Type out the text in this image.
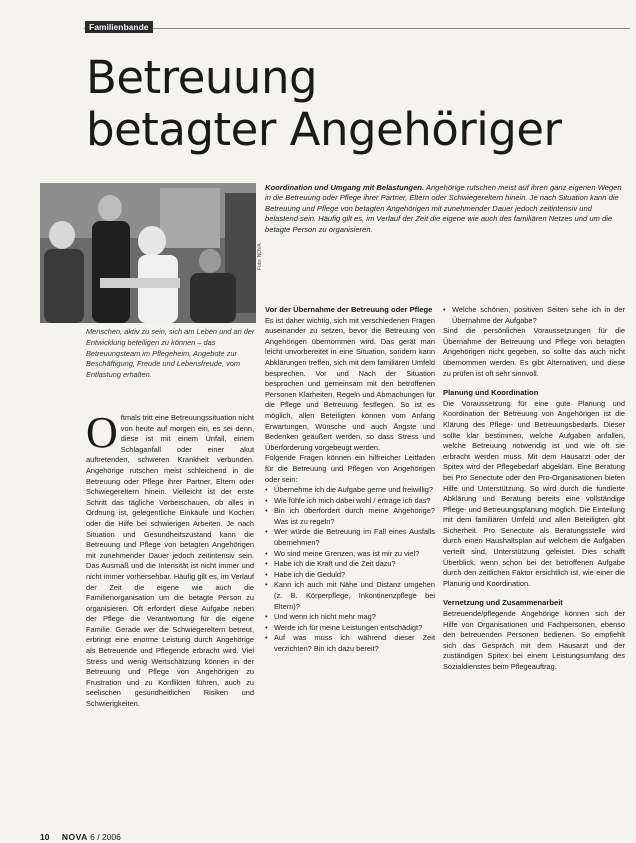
Familienbande
Betreuung
betagter Angehöriger
Foto: NOVA

Menschen, aktiv zu sein, sich am Leben und an der Entwicklung beteiligen zu können – das Betreuungsteam im Pflegeheim, Angebote zur Beschäftigung, Freude und Lebensfreude, vom Entlastung erhalten.

Koordination und Umgang mit Belastungen. Angehörige rutschen meist auf ihren ganz eigenen Wegen in die Betreuung oder Pflege ihrer Partner, Eltern oder Schwiegereltern hinein. Je nach Situation kann die Betreuung und Pflege von betagten Angehörigen mit zunehmender Dauer jedoch zeitintensiv und belastend sein. Häufig gilt es, im Verlauf der Zeit die eigene wie auch des familiären Netzes und um die betagte Person zu organisieren.

Oftmals tritt eine Betreuungssituation nicht von heute auf morgen ein, es sei denn, diese ist mit einem Unfall, einem Schlaganfall oder einer akut auftretenden, schweren Krankheit verbunden. Angehörige rutschen meist schleichend in die Betreuung oder Pflege ihrer Partner, Eltern oder Schwiegereltern hinein. Vielleicht ist der erste Schritt das tägliche Vorbeischauen, ob alles in Ordnung ist, gelegentliche Einkäufe und Kochen oder die Hilfe bei schwierigen Arbeiten. Je nach Situation und Gesundheitszustand kann die Betreuung und Pflege von betagten Angehörigen mit zunehmender Dauer jedoch zeitintensiv sein. Das Ausmaß und die Intensität ist nicht immer und nicht immer vorhersehbar. Häufig gilt es, im Verlauf der Zeit die eigene wie auch die Familienorganisation um die betagte Person zu organisieren. Oft erfordert diese Aufgabe neben der Pflege die Verantwortung für die eigene Familie. Gerade wer die Schwiegereltern betreut, erbringt eine enorme Leistung durch Angehörige als Betreuende und Pflegende erbracht wird. Viel Stress und wenig Wertschätzung können in der Betreuung und Pflege von Angehörigen zu Frustration und zu Konflikten führen, auch zu seelischen gesundheitlichen Risiken und Schwierigkeiten.

Vor der Übernahme der Betreuung oder Pflege

Es ist daher wichtig, sich mit verschiedenen Fragen auseinander zu setzen, bevor die Betreuung von Angehörigen übernommen wird. Das gerät man leicht unvorbereitet in eine Situation, sondern kann Abklärungen treffen, sich mit dem familiären Umfeld besprechen. Vor und Nach der Situation besprochen und gemeinsam mit den betroffenen Personen Klarheiten, Regeln und Abmachungen für die Pflege und Betreuung festlegen. So ist es möglich, allen Beteiligten können vom Anfang Erwartungen, Wünsche und auch Ängste und Bedenken geäußert werden, so dass Stress und Überforderung vorgebeugt werden.

Folgende Fragen können ein hilfreicher Leitfaden für die Betreuung und Pflegen von Angehörigen oder sein:

• Übernehme ich die Aufgabe gerne und freiwillig?
• Wie fühle ich mich dabei wohl / ertrage ich das?
• Bin ich überfordert durch meine Angehörige? Was ist zu regeln?
• Wer würde die Betreuung im Fall eines Ausfalls übernehmen?
• Wo sind meine Grenzen, was ist mir zu viel?
• Habe ich die Kraft und die Zeit dazu?
• Habe ich die Geduld?
• Kann ich auch mit Nähe und Distanz umgehen (z. B. Körperpflege, Inkontinenzpflege bei Eltern)?
• Und wenn ich nicht mehr mag?
• Werde ich für meine Leistungen entschädigt?
• Auf was muss ich während dieser Zeit verzichten? Bin ich dazu bereit?
• Welche schönen, positiven Seiten sehe ich in der Übernahme der Aufgabe?

Sind die persönlichen Voraussetzungen für die Übernahme der Betreuung und Pflege von betagten Angehörigen nicht gegeben, so sollte das auch nicht übernommen werden. Es gibt Alternativen, und diese zu prüfen ist oft sehr sinnvoll.

Planung und Koordination

Die Voraussetzung für eine gute Planung und Koordination der Betreuung von Angehörigen ist die Klärung des Pflege- und Betreuungsbedarfs. Dieser sollte klar bestimmen, welche Aufgaben anfallen, welche Betreuung notwendig ist und wie oft sie erbracht werden muss. Mit dem Hausarzt oder der Spitex wird der Pflegebedarf abgeklärt. Eine Beratung bei Pro Senectute oder den Pro-Organisationen bieten Hilfe und Unterstützung. So wird durch die fundierte Abklärung und Beratung bereits eine vollständige Pflege- und Betreuungsplanung möglich. Die Einteilung mit dem familiären Umfeld und allen Beteiligten gibt Sicherheit. Pro Senectute als Beratungsstelle wird durch einen Haushaltsplan auf welchem die Aufgaben verteilt sind, Unterstützung geleistet. Dies schafft Überblick, wenn schon bei der betroffenen Aufgabe durch den zeitlichen Faktor ersichtlich ist, wie einer die Planung und Koordination.

Vernetzung und Zusammenarbeit

Betreuende/pflegende Angehörige können sich der Hilfe von Organisationen und Fachpersonen, ebenso den betreuenden Personen bedienen. So empfiehlt sich das Gespräch mit dem Hausarzt und der zuständigen Spitex bei einem Leistungsumfang des Sozialdienstes beim Pflegeauftrag.

10 NOVA 6 / 2006
